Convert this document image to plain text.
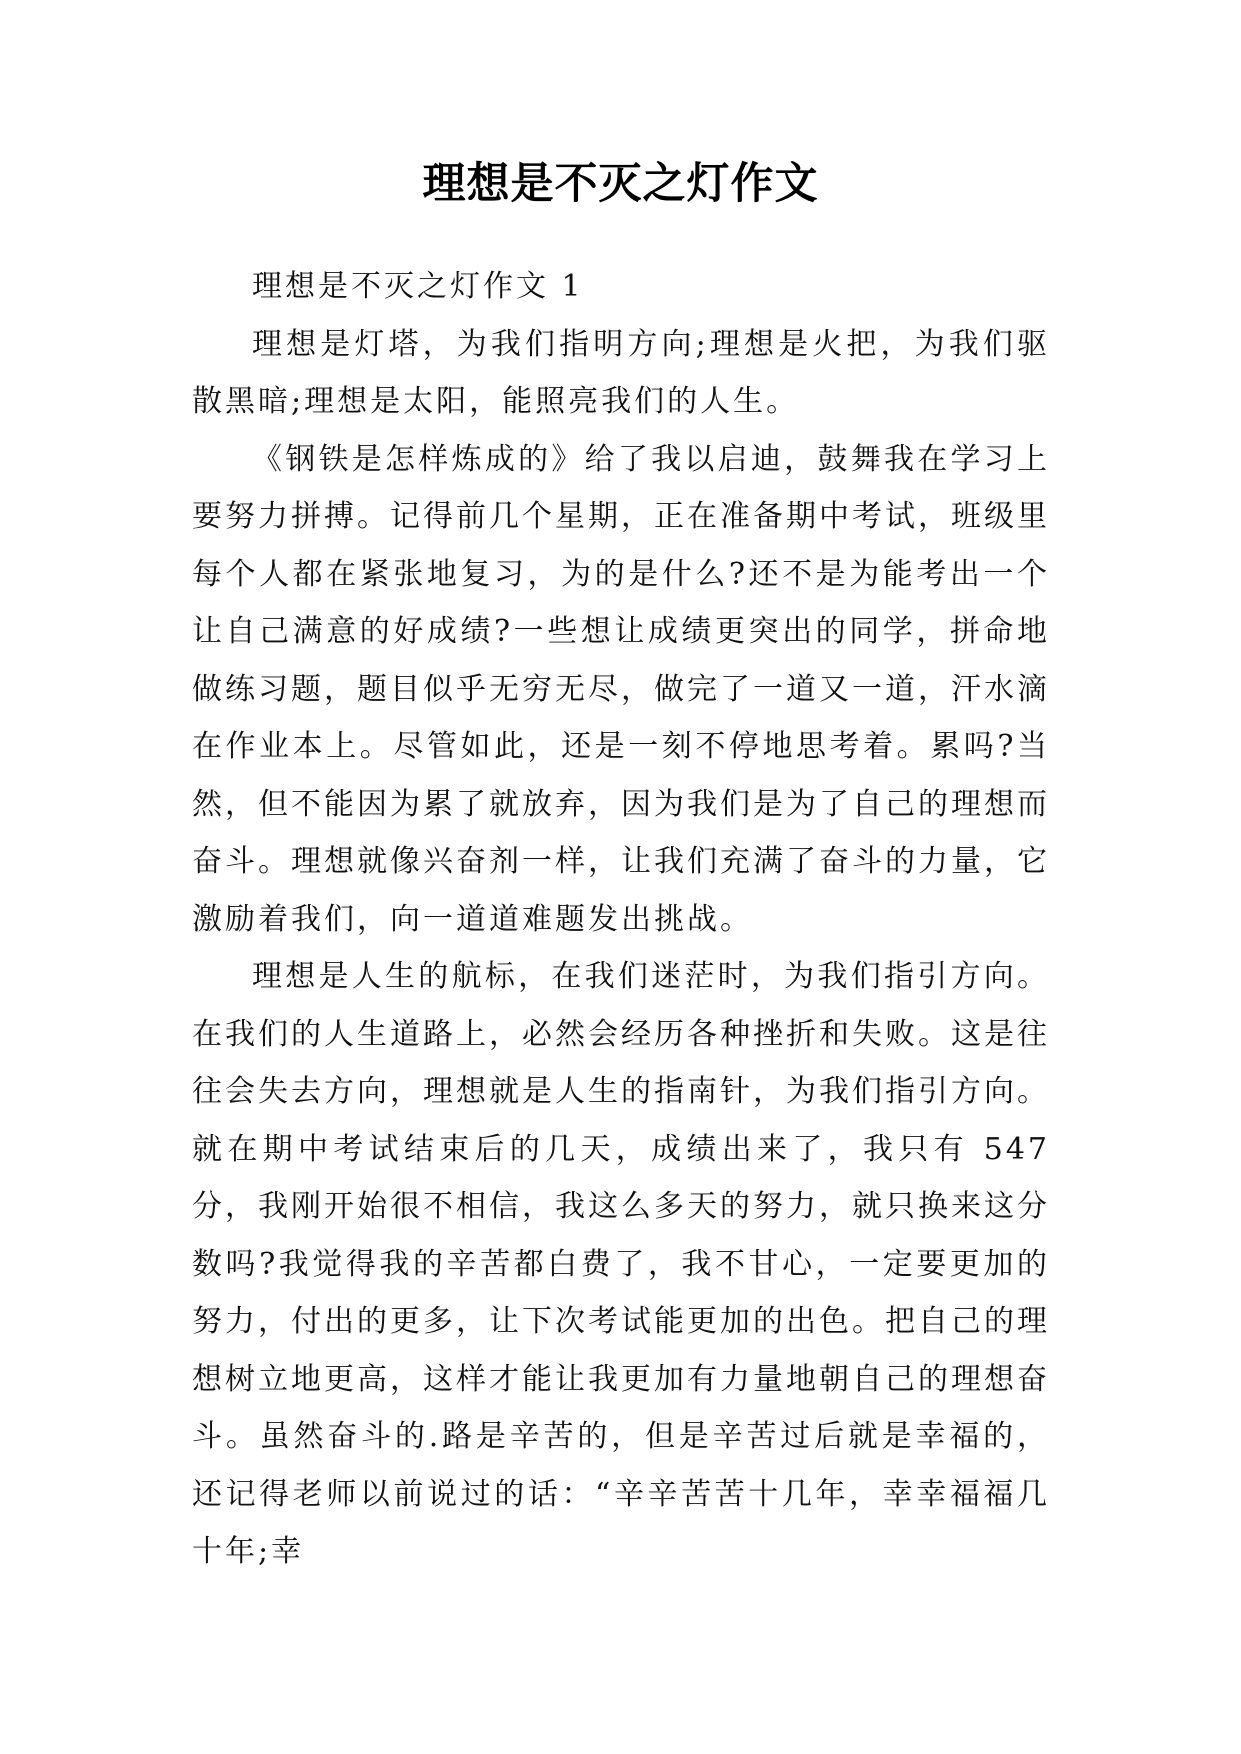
理想是不灭之灯作文

理想是不灭之灯作文 1

理想是灯塔，为我们指明方向;理想是火把，为我们驱散黑暗;理想是太阳，能照亮我们的人生。

《钢铁是怎样炼成的》给了我以启迪，鼓舞我在学习上要努力拼搏。记得前几个星期，正在准备期中考试，班级里每个人都在紧张地复习，为的是什么?还不是为能考出一个让自己满意的好成绩?一些想让成绩更突出的同学，拼命地做练习题，题目似乎无穷无尽，做完了一道又一道，汗水滴在作业本上。尽管如此，还是一刻不停地思考着。累吗?当然，但不能因为累了就放弃，因为我们是为了自己的理想而奋斗。理想就像兴奋剂一样，让我们充满了奋斗的力量，它激励着我们，向一道道难题发出挑战。

理想是人生的航标，在我们迷茫时，为我们指引方向。在我们的人生道路上，必然会经历各种挫折和失败。这是往往会失去方向，理想就是人生的指南针，为我们指引方向。就在期中考试结束后的几天，成绩出来了，我只有 547 分，我刚开始很不相信，我这么多天的努力，就只换来这分数吗?我觉得我的辛苦都白费了，我不甘心，一定要更加的努力，付出的更多，让下次考试能更加的出色。把自己的理想树立地更高，这样才能让我更加有力量地朝自己的理想奋斗。虽然奋斗的.路是辛苦的，但是辛苦过后就是幸福的，还记得老师以前说过的话：“辛辛苦苦十几年，幸幸福福几十年;幸
